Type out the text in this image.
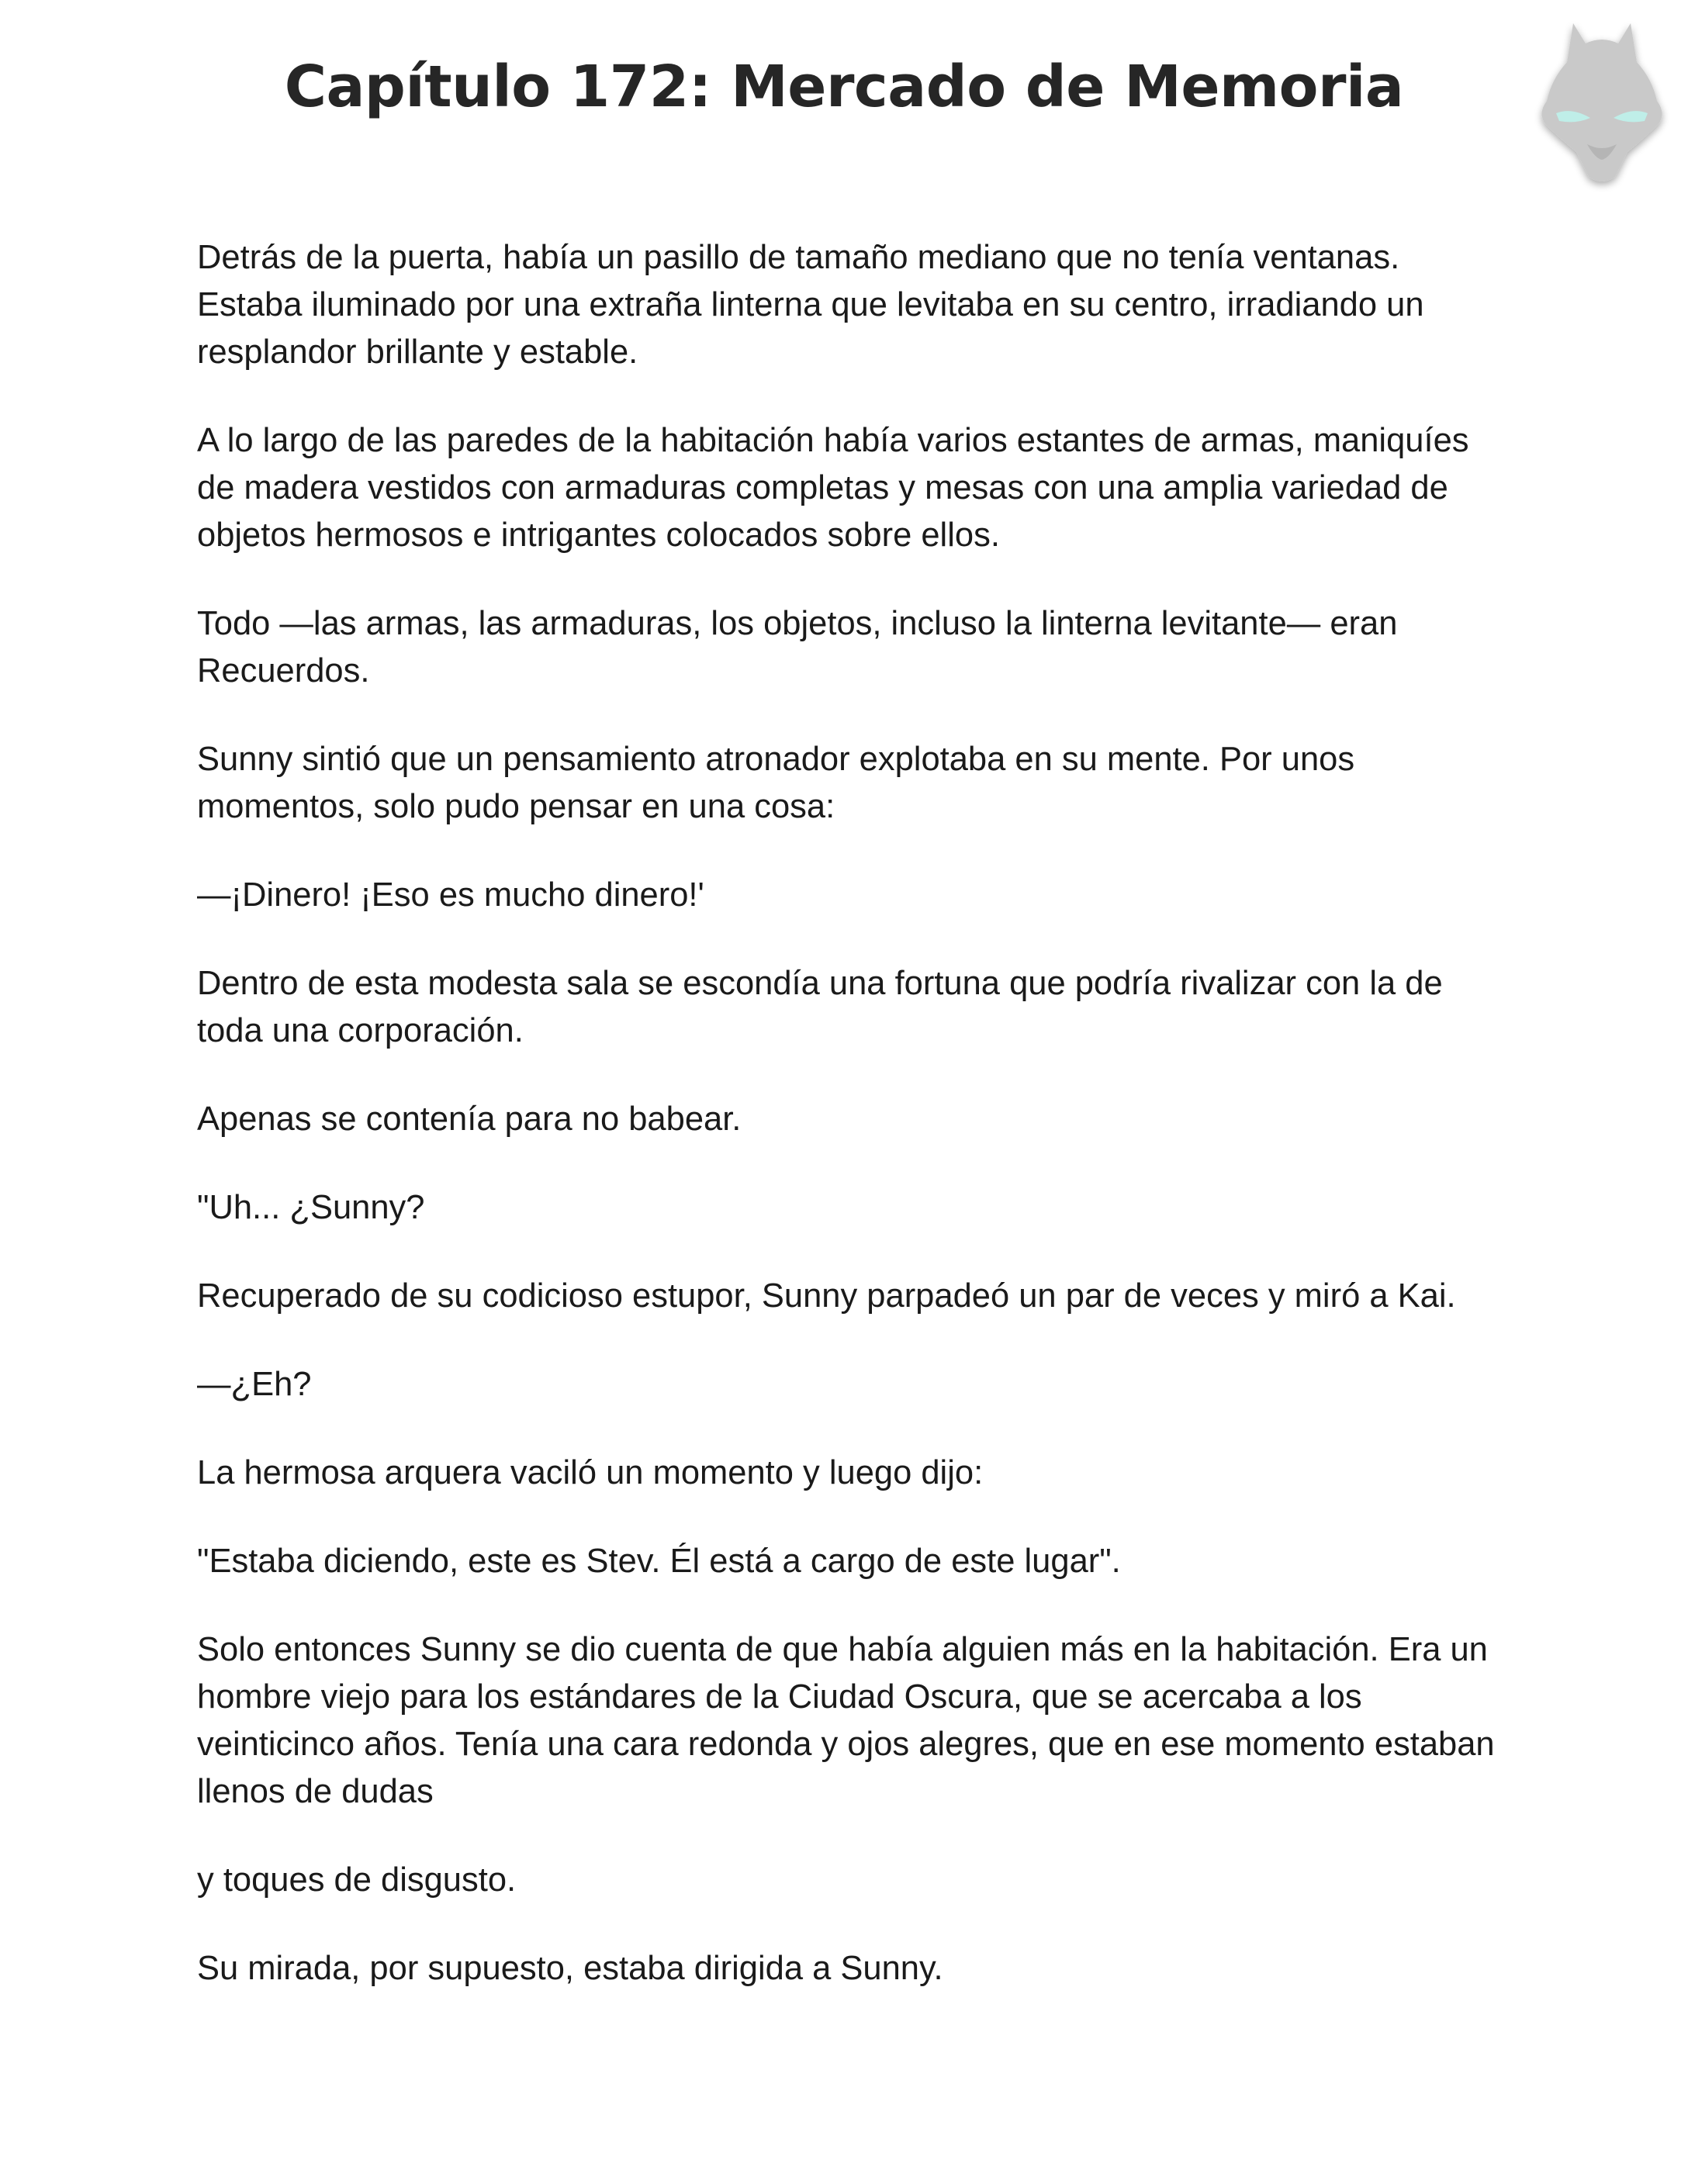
Capítulo 172: Mercado de Memoria

Detrás de la puerta, había un pasillo de tamaño mediano que no tenía ventanas. Estaba iluminado por una extraña linterna que levitaba en su centro, irradiando un resplandor brillante y estable.

A lo largo de las paredes de la habitación había varios estantes de armas, maniquíes de madera vestidos con armaduras completas y mesas con una amplia variedad de objetos hermosos e intrigantes colocados sobre ellos.

Todo —las armas, las armaduras, los objetos, incluso la linterna levitante— eran Recuerdos.

Sunny sintió que un pensamiento atronador explotaba en su mente. Por unos momentos, solo pudo pensar en una cosa:

—¡Dinero! ¡Eso es mucho dinero!'

Dentro de esta modesta sala se escondía una fortuna que podría rivalizar con la de toda una corporación.

Apenas se contenía para no babear.

"Uh... ¿Sunny?

Recuperado de su codicioso estupor, Sunny parpadeó un par de veces y miró a Kai.

—¿Eh?

La hermosa arquera vaciló un momento y luego dijo:

"Estaba diciendo, este es Stev. Él está a cargo de este lugar".

Solo entonces Sunny se dio cuenta de que había alguien más en la habitación. Era un hombre viejo para los estándares de la Ciudad Oscura, que se acercaba a los veinticinco años. Tenía una cara redonda y ojos alegres, que en ese momento estaban llenos de dudas

y toques de disgusto.

Su mirada, por supuesto, estaba dirigida a Sunny.
